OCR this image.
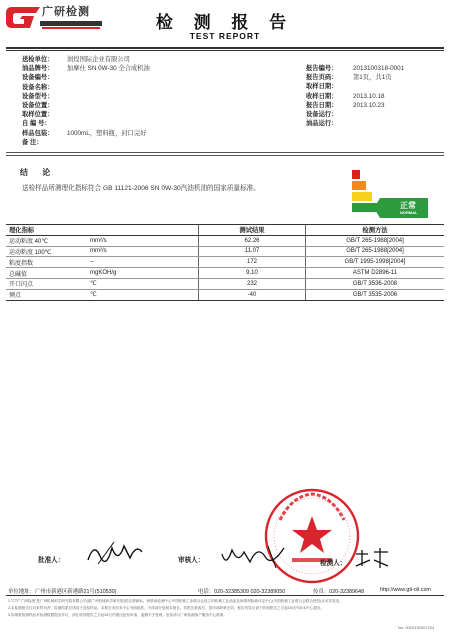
广研检测
检 测 报 告
TEST REPORT
送检单位： 润煌国际企业有限公司
油品牌号： 加摩仕 SN 0W-30 全合成机油
设备编号：
设备名称：
设备型号：
设备位置：
取样位置：
自 编 号：
样品包装： 1000mL，塑料瓶，封口完好
备 注：
报告编号： 2013100318-0001
报告页码： 第1页，共1页
取样日期：
收样日期： 2013.10.18
报告日期： 2013.10.23
设备运行：
油品运行：
结 论
送检样品所测理化指标符合 GB 11121-2006 SN 0W-30汽油机油的国家质量标准。
正常
NORMAL
理化指标		测试结果	检测方法
运动粘度 40℃	mm²/s	62.26	GB/T 265-1988[2004]
运动粘度 100℃	mm²/s	11.07	GB/T 265-1988[2004]
粘度指数	--	172	GB/T 1995-1998[2004]
总碱值	mgKOH/g	9.10	ASTM D2896-11
开口闪点	℃	232	GB/T 3536-2008
倾点	℃	-40	GB/T 3535-2006
批准人：	审核人：	检测人：
单位地址：广州市新港区新港路21号(510530)	电话：020-32385309 020-32389050	传真：020-32389648	http://www.gti-oil.com
1."CTI""广研检测"是广州机械科学研究院有限公司(原广州机械科学研究院)的注册商标。润滑油检测中心中国机械工业联合会设立的机械工业油品及润滑剂检测评定中心(中国机械工业联合会联合授权)认可实验室。
2.本检测报告仅对来样负责，检测结果仅适用于送检样品。本报告未经本中心书面批准，不得部分复制本报告。若报告被改写，复印或缺章无效。报告有异议请于收到报告之日起15日内向本中心提出。
3.如果被检测样品对检测数据提出异议，请在收到报告之日起15日内提出复检申请，逾期不予受理。复检请与广研检测客户服务中心联系。
No. 0020130007224
